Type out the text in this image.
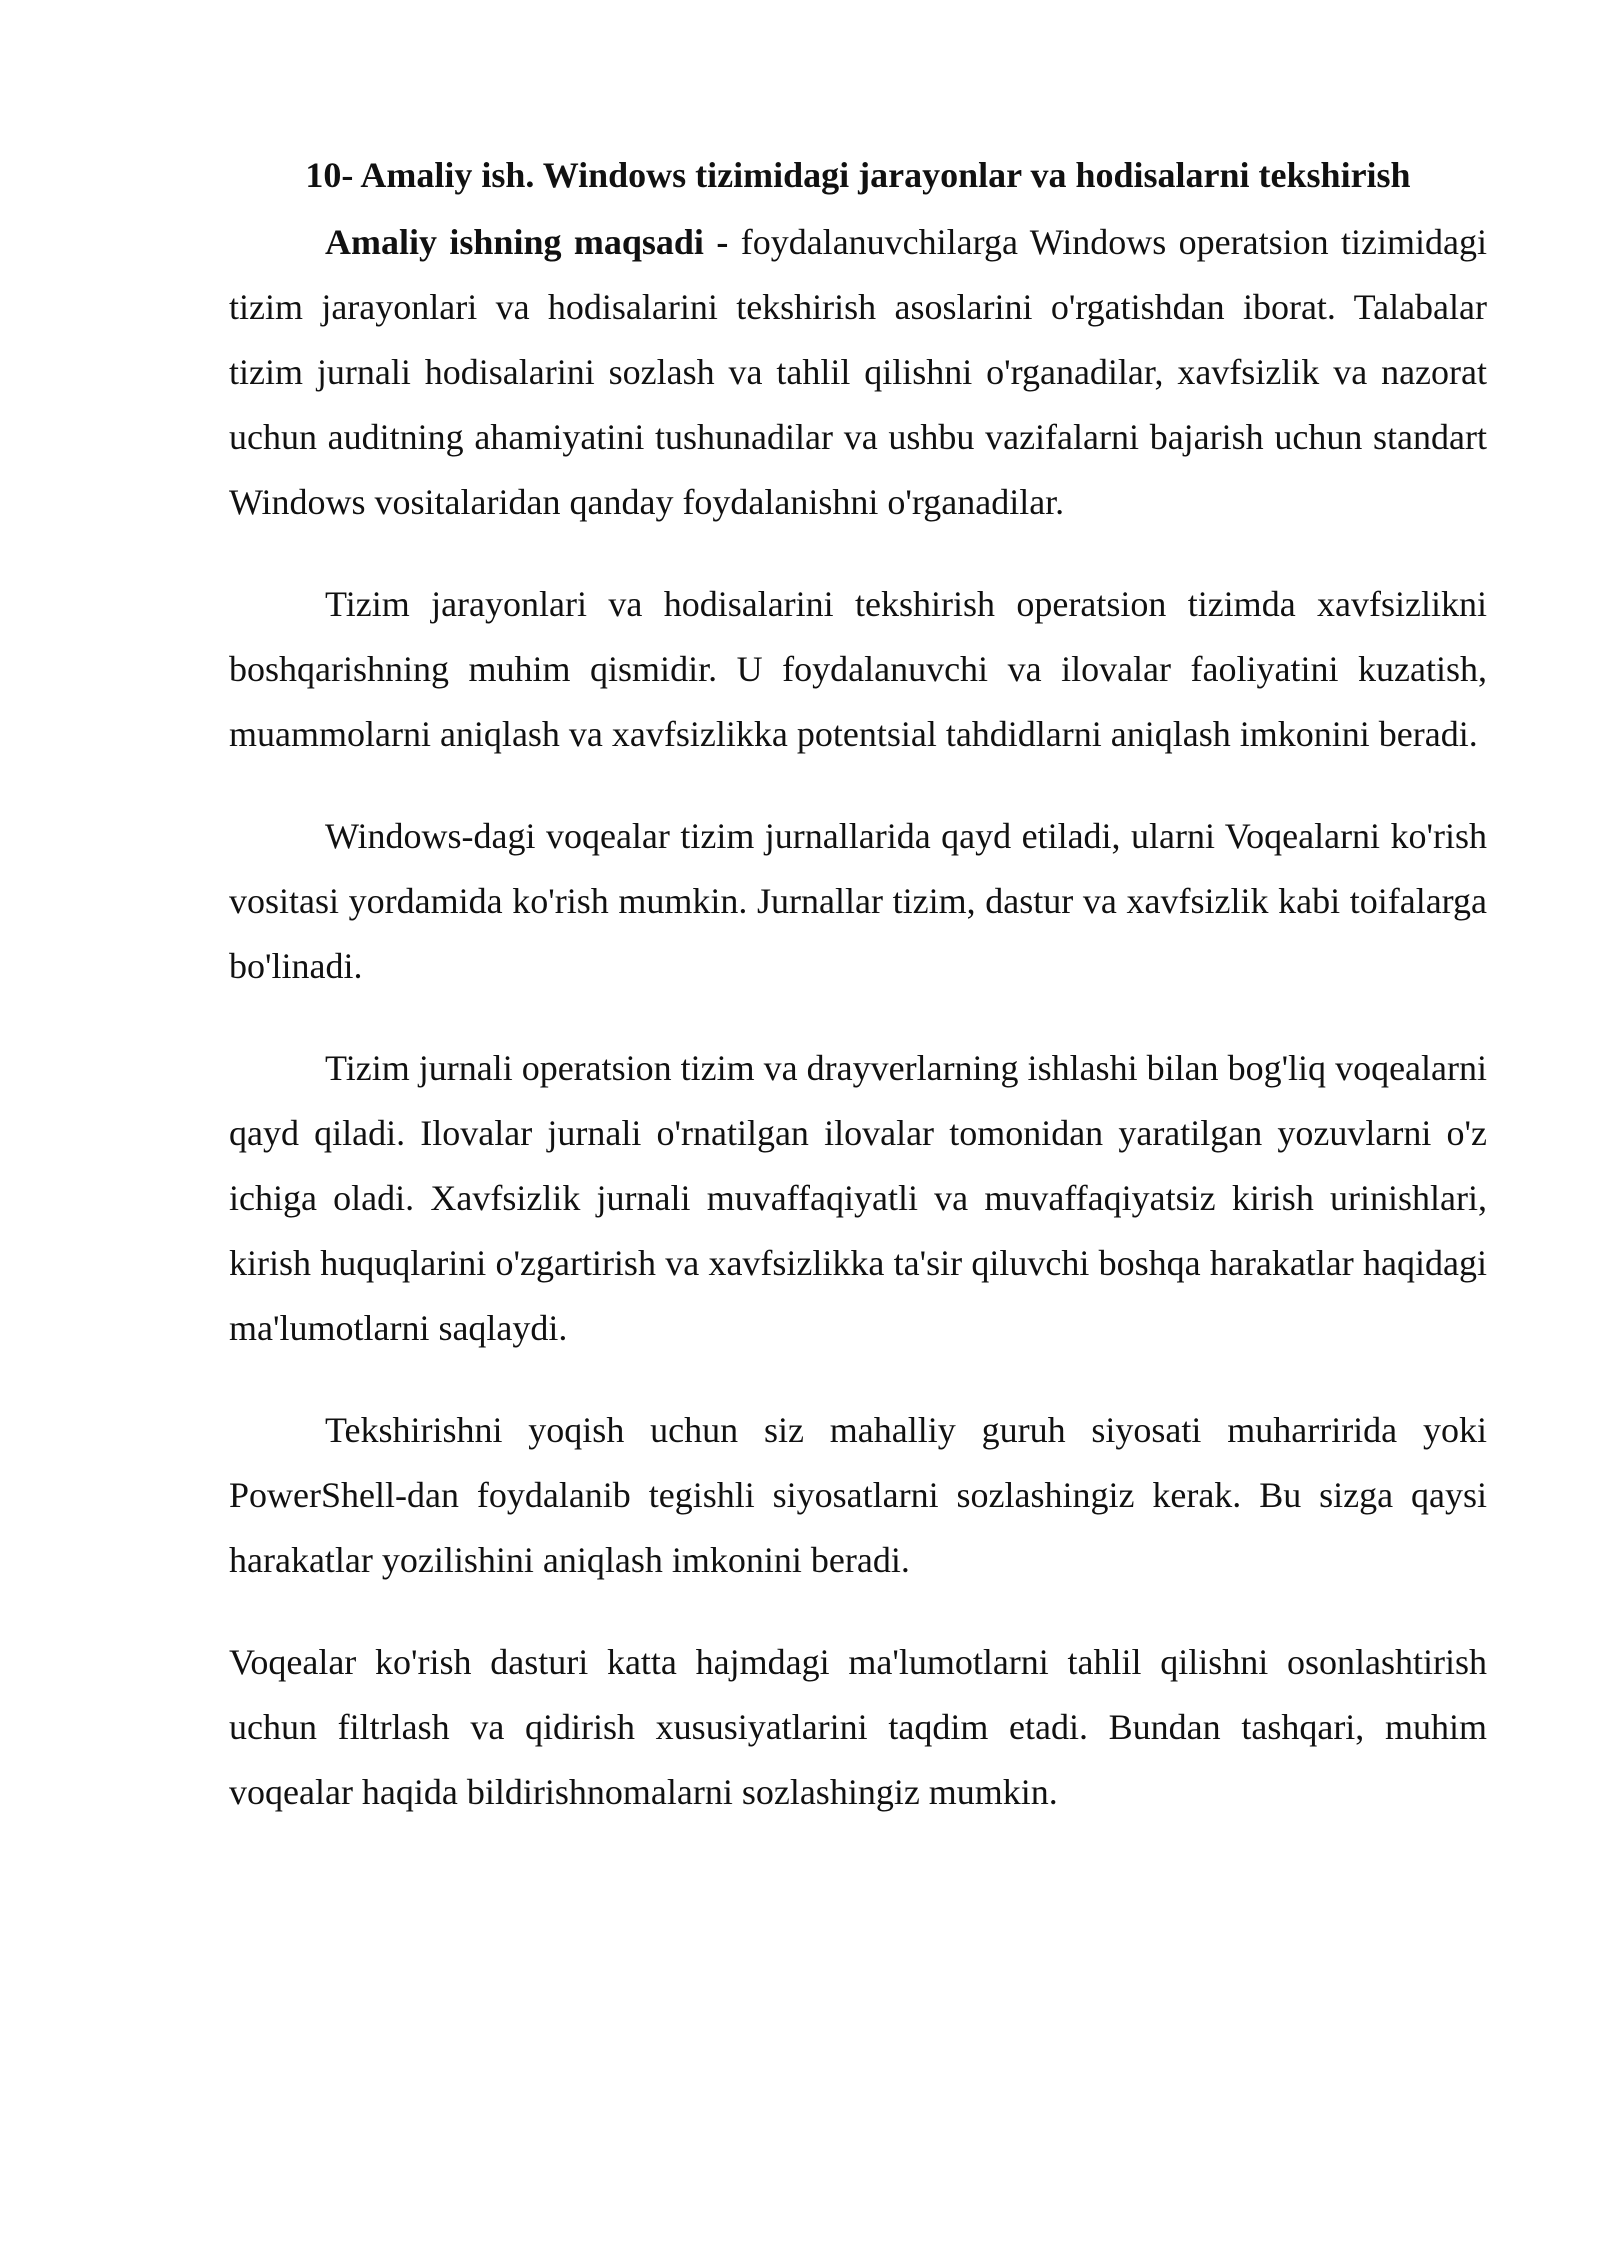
10- Amaliy ish. Windows tizimidagi jarayonlar va hodisalarni tekshirish

Amaliy ishning maqsadi - foydalanuvchilarga Windows operatsion tizimidagi tizim jarayonlari va hodisalarini tekshirish asoslarini o'rgatishdan iborat. Talabalar tizim jurnali hodisalarini sozlash va tahlil qilishni o'rganadilar, xavfsizlik va nazorat uchun auditning ahamiyatini tushunadilar va ushbu vazifalarni bajarish uchun standart Windows vositalaridan qanday foydalanishni o'rganadilar.

Tizim jarayonlari va hodisalarini tekshirish operatsion tizimda xavfsizlikni boshqarishning muhim qismidir. U foydalanuvchi va ilovalar faoliyatini kuzatish, muammolarni aniqlash va xavfsizlikka potentsial tahdidlarni aniqlash imkonini beradi.

Windows-dagi voqealar tizim jurnallarida qayd etiladi, ularni Voqealarni ko'rish vositasi yordamida ko'rish mumkin. Jurnallar tizim, dastur va xavfsizlik kabi toifalarga bo'linadi.

Tizim jurnali operatsion tizim va drayverlarning ishlashi bilan bog'liq voqealarni qayd qiladi. Ilovalar jurnali o'rnatilgan ilovalar tomonidan yaratilgan yozuvlarni o'z ichiga oladi. Xavfsizlik jurnali muvaffaqiyatli va muvaffaqiyatsiz kirish urinishlari, kirish huquqlarini o'zgartirish va xavfsizlikka ta'sir qiluvchi boshqa harakatlar haqidagi ma'lumotlarni saqlaydi.

Tekshirishni yoqish uchun siz mahalliy guruh siyosati muharririda yoki PowerShell-dan foydalanib tegishli siyosatlarni sozlashingiz kerak. Bu sizga qaysi harakatlar yozilishini aniqlash imkonini beradi.

Voqealar ko'rish dasturi katta hajmdagi ma'lumotlarni tahlil qilishni osonlashtirish uchun filtrlash va qidirish xususiyatlarini taqdim etadi. Bundan tashqari, muhim voqealar haqida bildirishnomalarni sozlashingiz mumkin.
